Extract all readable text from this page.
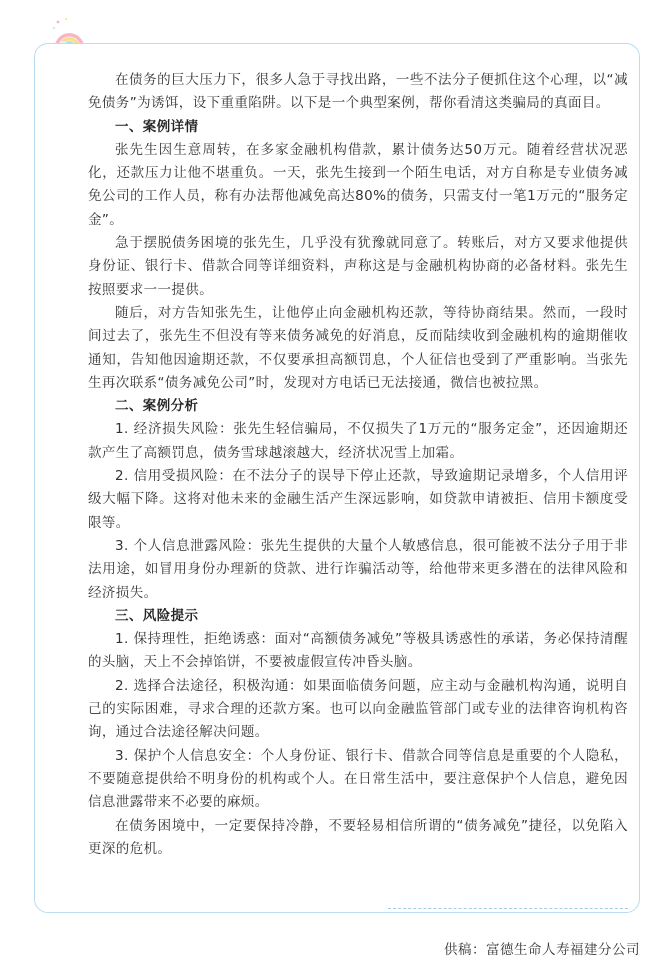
在债务的巨大压力下，很多人急于寻找出路，一些不法分子便抓住这个心理，以“减免债务”为诱饵，设下重重陷阱。以下是一个典型案例，帮你看清这类骗局的真面目。

一、案例详情

张先生因生意周转，在多家金融机构借款，累计债务达50万元。随着经营状况恶化，还款压力让他不堪重负。一天，张先生接到一个陌生电话，对方自称是专业债务减免公司的工作人员，称有办法帮他减免高达80%的债务，只需支付一笔1万元的“服务定金”。

急于摆脱债务困境的张先生，几乎没有犹豫就同意了。转账后，对方又要求他提供身份证、银行卡、借款合同等详细资料，声称这是与金融机构协商的必备材料。张先生按照要求一一提供。

随后，对方告知张先生，让他停止向金融机构还款，等待协商结果。然而，一段时间过去了，张先生不但没有等来债务减免的好消息，反而陆续收到金融机构的逾期催收通知，告知他因逾期还款，不仅要承担高额罚息，个人征信也受到了严重影响。当张先生再次联系“债务减免公司”时，发现对方电话已无法接通，微信也被拉黑。

二、案例分析

1. 经济损失风险：张先生轻信骗局，不仅损失了1万元的“服务定金”，还因逾期还款产生了高额罚息，债务雪球越滚越大，经济状况雪上加霜。

2. 信用受损风险：在不法分子的误导下停止还款，导致逾期记录增多，个人信用评级大幅下降。这将对他未来的金融生活产生深远影响，如贷款申请被拒、信用卡额度受限等。

3. 个人信息泄露风险：张先生提供的大量个人敏感信息，很可能被不法分子用于非法用途，如冒用身份办理新的贷款、进行诈骗活动等，给他带来更多潜在的法律风险和经济损失。

三、风险提示

1. 保持理性，拒绝诱惑：面对“高额债务减免”等极具诱惑性的承诺，务必保持清醒的头脑，天上不会掉馅饼，不要被虚假宣传冲昏头脑。

2. 选择合法途径，积极沟通：如果面临债务问题，应主动与金融机构沟通，说明自己的实际困难，寻求合理的还款方案。也可以向金融监管部门或专业的法律咨询机构咨询，通过合法途径解决问题。

3. 保护个人信息安全：个人身份证、银行卡、借款合同等信息是重要的个人隐私，不要随意提供给不明身份的机构或个人。在日常生活中，要注意保护个人信息，避免因信息泄露带来不必要的麻烦。

在债务困境中，一定要保持冷静，不要轻易相信所谓的“债务减免”捷径，以免陷入更深的危机。

供稿：富德生命人寿福建分公司
